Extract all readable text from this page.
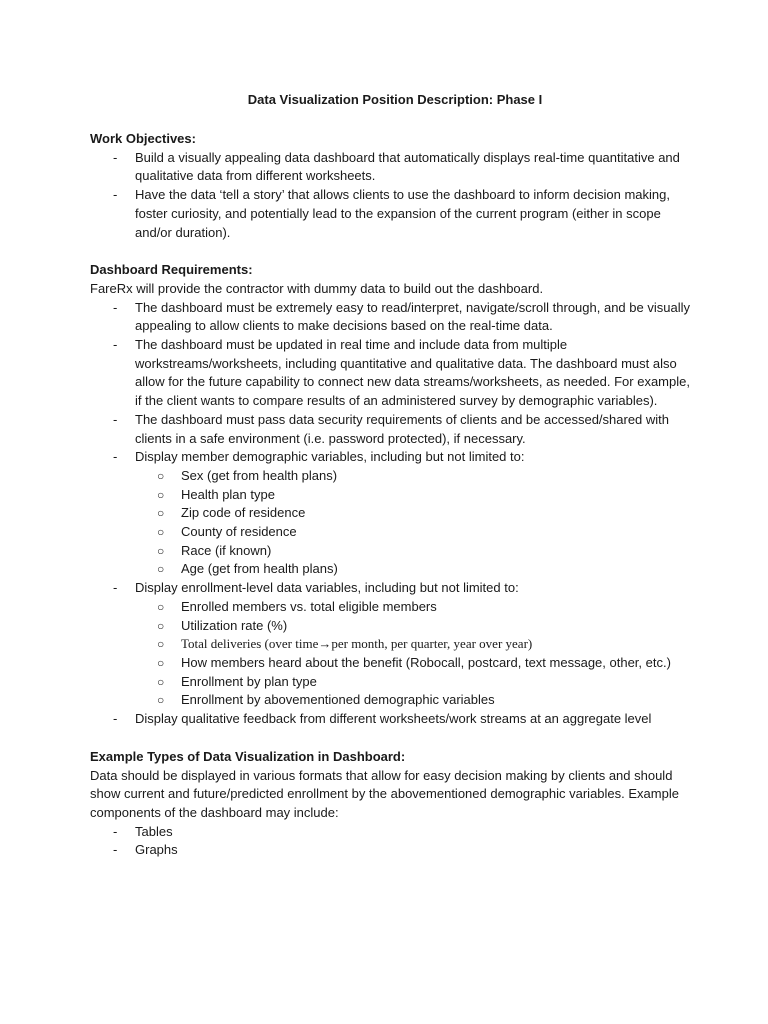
Data Visualization Position Description: Phase I
Work Objectives:
- Build a visually appealing data dashboard that automatically displays real-time quantitative and qualitative data from different worksheets.
- Have the data ‘tell a story’ that allows clients to use the dashboard to inform decision making, foster curiosity, and potentially lead to the expansion of the current program (either in scope and/or duration).
Dashboard Requirements:
FareRx will provide the contractor with dummy data to build out the dashboard.
- The dashboard must be extremely easy to read/interpret, navigate/scroll through, and be visually appealing to allow clients to make decisions based on the real-time data.
- The dashboard must be updated in real time and include data from multiple workstreams/worksheets, including quantitative and qualitative data. The dashboard must also allow for the future capability to connect new data streams/worksheets, as needed. For example, if the client wants to compare results of an administered survey by demographic variables).
- The dashboard must pass data security requirements of clients and be accessed/shared with clients in a safe environment (i.e. password protected), if necessary.
- Display member demographic variables, including but not limited to:
○ Sex (get from health plans)
○ Health plan type
○ Zip code of residence
○ County of residence
○ Race (if known)
○ Age (get from health plans)
- Display enrollment-level data variables, including but not limited to:
○ Enrolled members vs. total eligible members
○ Utilization rate (%)
○ Total deliveries (over time→per month, per quarter, year over year)
○ How members heard about the benefit (Robocall, postcard, text message, other, etc.)
○ Enrollment by plan type
○ Enrollment by abovementioned demographic variables
- Display qualitative feedback from different worksheets/work streams at an aggregate level
Example Types of Data Visualization in Dashboard:
Data should be displayed in various formats that allow for easy decision making by clients and should show current and future/predicted enrollment by the abovementioned demographic variables. Example components of the dashboard may include:
- Tables
- Graphs
